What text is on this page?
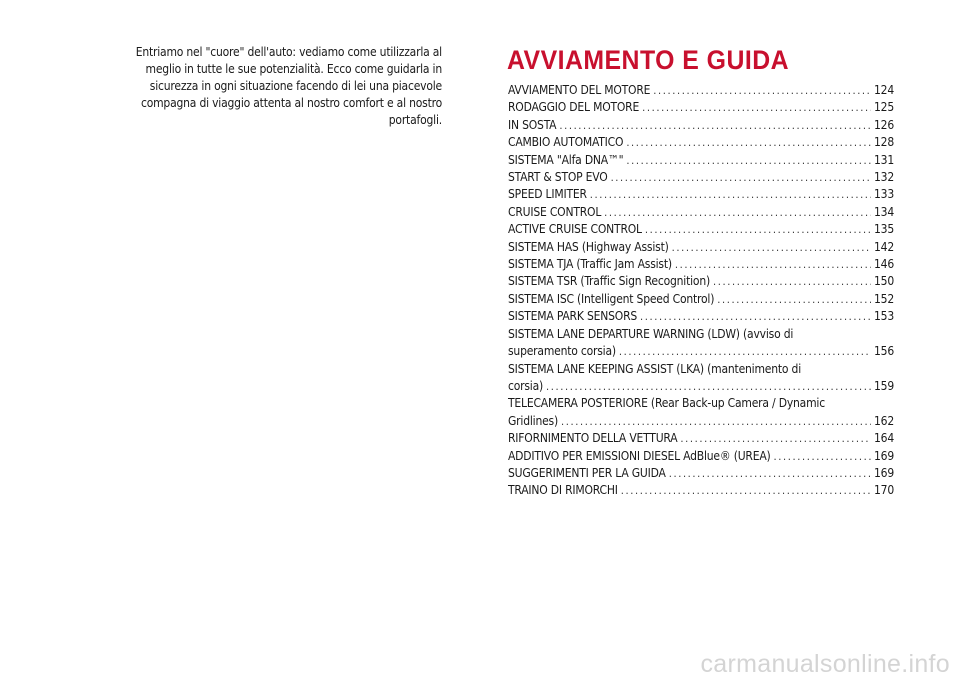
Entriamo nel "cuore" dell'auto: vediamo come utilizzarla al
meglio in tutte le sue potenzialità. Ecco come guidarla in
sicurezza in ogni situazione facendo di lei una piacevole
compagna di viaggio attenta al nostro comfort e al nostro
portafogli.
AVVIAMENTO E GUIDA
AVVIAMENTO DEL MOTORE .....	124
RODAGGIO DEL MOTORE .....	125
IN SOSTA .....	126
CAMBIO AUTOMATICO .....	128
SISTEMA "Alfa DNA™" .....	131
START & STOP EVO .....	132
SPEED LIMITER .....	133
CRUISE CONTROL .....	134
ACTIVE CRUISE CONTROL .....	135
SISTEMA HAS (Highway Assist) .....	142
SISTEMA TJA (Traffic Jam Assist) .....	146
SISTEMA TSR (Traffic Sign Recognition) .....	150
SISTEMA ISC (Intelligent Speed Control) .....	152
SISTEMA PARK SENSORS .....	153
SISTEMA LANE DEPARTURE WARNING (LDW) (avviso di
superamento corsia) .....	156
SISTEMA LANE KEEPING ASSIST (LKA) (mantenimento di
corsia) .....	159
TELECAMERA POSTERIORE (Rear Back-up Camera / Dynamic
Gridlines) .....	162
RIFORNIMENTO DELLA VETTURA .....	164
ADDITIVO PER EMISSIONI DIESEL AdBlue® (UREA) .....	169
SUGGERIMENTI PER LA GUIDA .....	169
TRAINO DI RIMORCHI .....	170
carmanualsonline.info
